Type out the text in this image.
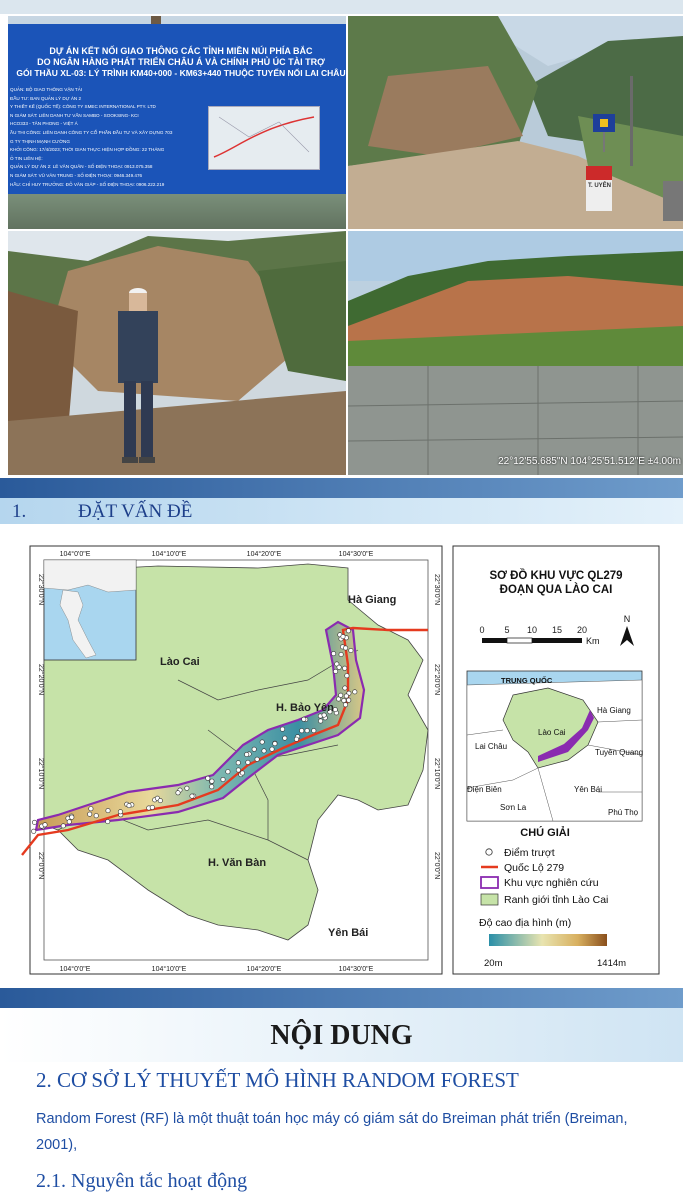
DỰ ÁN KẾT NỐI GIAO THÔNG CÁC TỈNH MIỀN NÚI PHÍA BẮC
DO NGÂN HÀNG PHÁT TRIỂN CHÂU Á VÀ CHÍNH PHỦ ÚC TÀI TRỢ
GÓI THẦU XL-03: LÝ TRÌNH KM40+000 - KM63+440 THUỘC TUYẾN NỐI LAI CHÂU
QUẢN: BỘ GIAO THÔNG VẬN TẢI
ĐẦU TƯ: BAN QUẢN LÝ DỰ ÁN 2
Y THIẾT KẾ (QUỐC TẾ): CÔNG TY SMEC INTERNATIONAL PTY. LTD
N GIÁM SÁT: LIÊN DANH TƯ VẤN SAMBO - SOOKSING- KCI
HCO333 - TÂN PHONG - VIỆT Á
ẦU THI CÔNG: LIÊN DANH CÔNG TY CỔ PHẦN ĐẦU TƯ VÀ XÂY DỰNG 703
G TY THỊNH MẠNH CƯỜNG
KHỞI CÔNG: 17/4/2023; THỜI GIAN THỰC HIỆN HỢP ĐỒNG: 22 THÁNG
Ỏ TIN LIÊN HỆ:
QUẢN LÝ DỰ ÁN 2: LÊ VĂN QUÂN - SỐ ĐIỆN THOẠI: 0913.075.358
N GIÁM SÁT: VŨ VĂN TRUNG - SỐ ĐIỆN THOẠI: 0946.349.476
HẦU: CHỈ HUY TRƯỞNG: ĐỖ VĂN GIÁP - SỐ ĐIỆN THOẠI: 0906.222.219	T. UYÊN
22°12'55.685"N 104°25'51.512"E ±4.00m
1.	ĐẶT VẤN ĐỀ
104°0'0"E	104°10'0"E	104°20'0"E	104°30'0"E
104°0'0"E	104°10'0"E	104°20'0"E	104°30'0"E
22°30'0"N
22°20'0"N
22°10'0"N
22°0'0"N
22°30'0"N
22°20'0"N
22°10'0"N
22°0'0"N
Hà Giang
Lào Cai
H. Bảo Yên
H. Văn Bàn
Yên Bái
SƠ ĐỒ KHU VỰC QL279
ĐOẠN QUA LÀO CAI
N
0 5 10 15 20
Km
TRUNG QUỐC
Hà Giang
Lào Cai
Lai Châu
Tuyên Quang
Điện Biên	Yên Bái
Sơn La
Phú Thọ
CHÚ GIẢI
Điểm trượt
Quốc Lộ 279
Khu vực nghiên cứu
Ranh giới tỉnh Lào Cai
Độ cao địa hình (m)
20m	1414m
NỘI DUNG
2. CƠ SỞ LÝ THUYẾT MÔ HÌNH RANDOM FOREST
Random Forest (RF) là một thuật toán học máy có giám sát do Breiman phát triển (Breiman, 2001),
2.1. Nguyên tắc hoạt động
